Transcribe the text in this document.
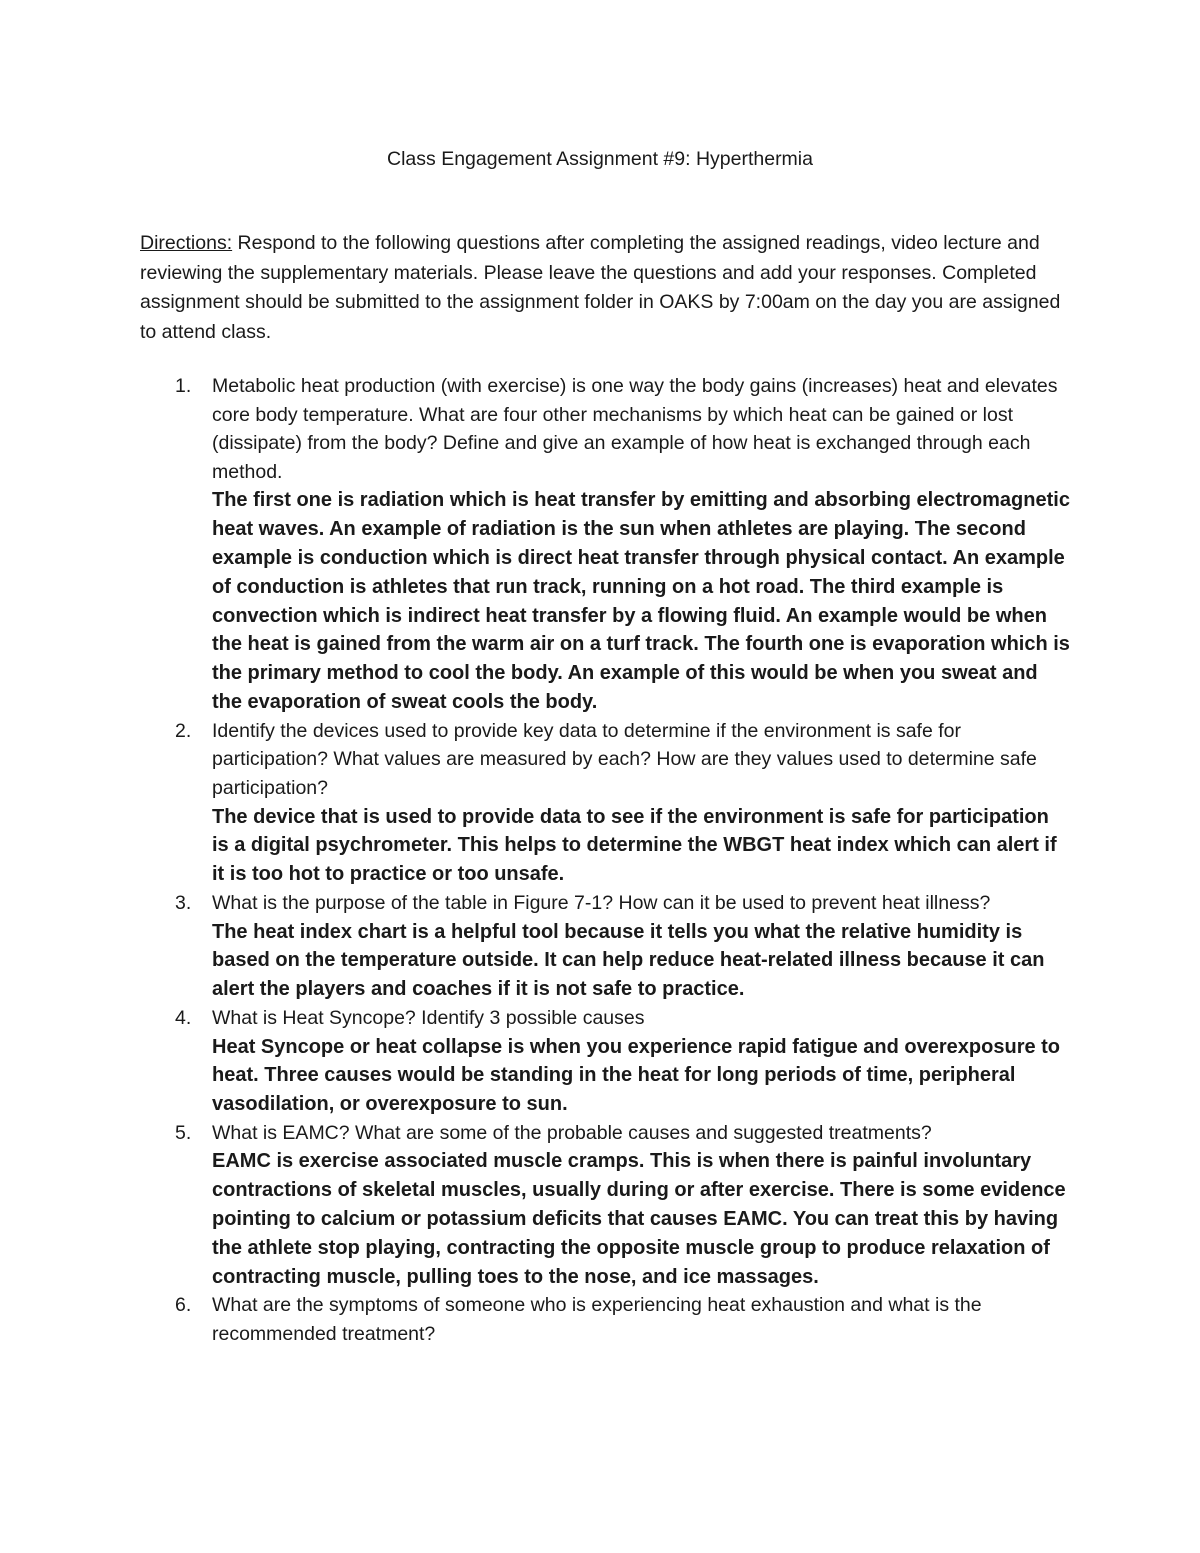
Class Engagement Assignment #9: Hyperthermia
Directions: Respond to the following questions after completing the assigned readings, video lecture and reviewing the supplementary materials. Please leave the questions and add your responses. Completed assignment should be submitted to the assignment folder in OAKS by 7:00am on the day you are assigned to attend class.
1. Metabolic heat production (with exercise) is one way the body gains (increases) heat and elevates core body temperature. What are four other mechanisms by which heat can be gained or lost (dissipate) from the body? Define and give an example of how heat is exchanged through each method.
The first one is radiation which is heat transfer by emitting and absorbing electromagnetic heat waves. An example of radiation is the sun when athletes are playing. The second example is conduction which is direct heat transfer through physical contact. An example of conduction is athletes that run track, running on a hot road. The third example is convection which is indirect heat transfer by a flowing fluid. An example would be when the heat is gained from the warm air on a turf track. The fourth one is evaporation which is the primary method to cool the body. An example of this would be when you sweat and the evaporation of sweat cools the body.
2. Identify the devices used to provide key data to determine if the environment is safe for participation? What values are measured by each? How are they values used to determine safe participation?
The device that is used to provide data to see if the environment is safe for participation is a digital psychrometer. This helps to determine the WBGT heat index which can alert if it is too hot to practice or too unsafe.
3. What is the purpose of the table in Figure 7-1? How can it be used to prevent heat illness?
The heat index chart is a helpful tool because it tells you what the relative humidity is based on the temperature outside. It can help reduce heat-related illness because it can alert the players and coaches if it is not safe to practice.
4. What is Heat Syncope? Identify 3 possible causes
Heat Syncope or heat collapse is when you experience rapid fatigue and overexposure to heat. Three causes would be standing in the heat for long periods of time, peripheral vasodilation, or overexposure to sun.
5. What is EAMC? What are some of the probable causes and suggested treatments?
EAMC is exercise associated muscle cramps. This is when there is painful involuntary contractions of skeletal muscles, usually during or after exercise. There is some evidence pointing to calcium or potassium deficits that causes EAMC. You can treat this by having the athlete stop playing, contracting the opposite muscle group to produce relaxation of contracting muscle, pulling toes to the nose, and ice massages.
6. What are the symptoms of someone who is experiencing heat exhaustion and what is the recommended treatment?
